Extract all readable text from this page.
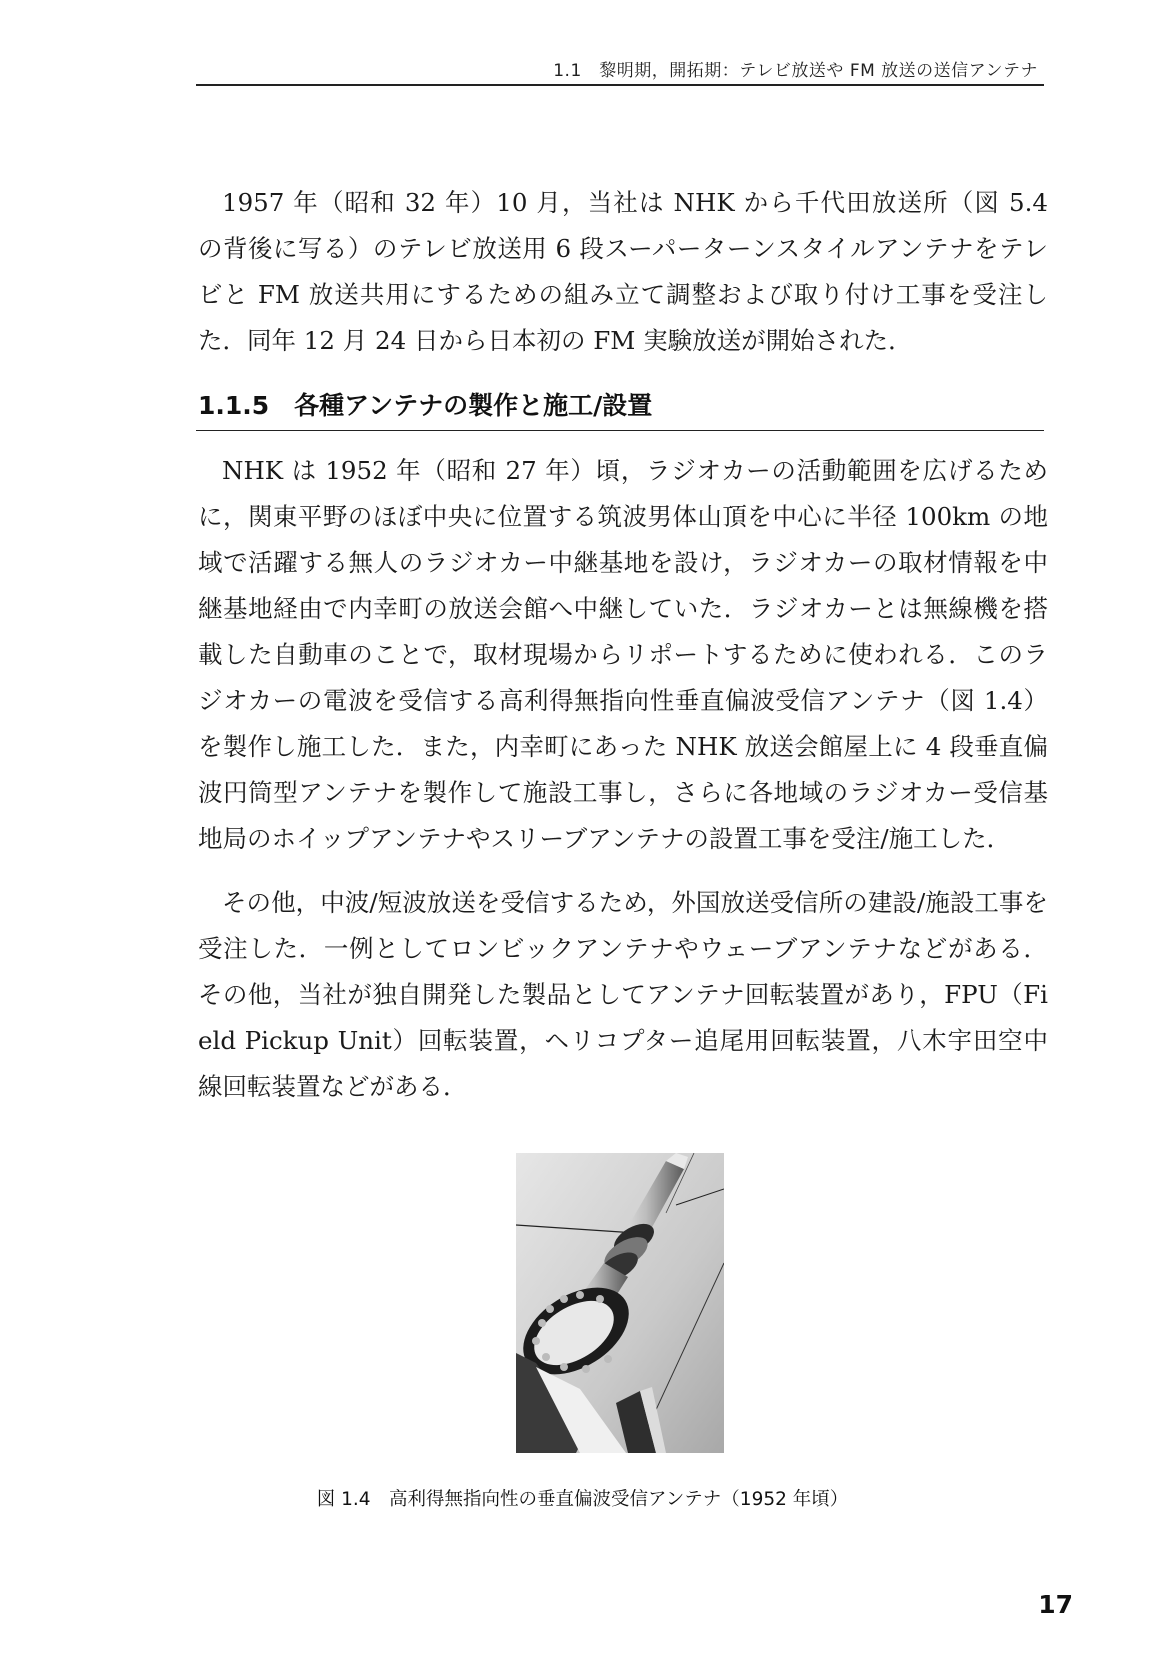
1.1　黎明期，開拓期：テレビ放送や FM 放送の送信アンテナ

1957 年（昭和 32 年）10 月，当社は NHK から千代田放送所（図 5.4 の背後に写る）のテレビ放送用 6 段スーパーターンスタイルアンテナをテレビと FM 放送共用にするための組み立て調整および取り付け工事を受注した．同年 12 月 24 日から日本初の FM 実験放送が開始された．

1.1.5　各種アンテナの製作と施工/設置

NHK は 1952 年（昭和 27 年）頃，ラジオカーの活動範囲を広げるために，関東平野のほぼ中央に位置する筑波男体山頂を中心に半径 100km の地域で活躍する無人のラジオカー中継基地を設け，ラジオカーの取材情報を中継基地経由で内幸町の放送会館へ中継していた．ラジオカーとは無線機を搭載した自動車のことで，取材現場からリポートするために使われる．このラジオカーの電波を受信する高利得無指向性垂直偏波受信アンテナ（図 1.4）を製作し施工した．また，内幸町にあった NHK 放送会館屋上に 4 段垂直偏波円筒型アンテナを製作して施設工事し，さらに各地域のラジオカー受信基地局のホイップアンテナやスリーブアンテナの設置工事を受注/施工した．

その他，中波/短波放送を受信するため，外国放送受信所の建設/施設工事を受注した．一例としてロンビックアンテナやウェーブアンテナなどがある．その他，当社が独自開発した製品としてアンテナ回転装置があり，FPU（Field Pickup Unit）回転装置，ヘリコプター追尾用回転装置，八木宇田空中線回転装置などがある．

図 1.4　高利得無指向性の垂直偏波受信アンテナ（1952 年頃）
17
